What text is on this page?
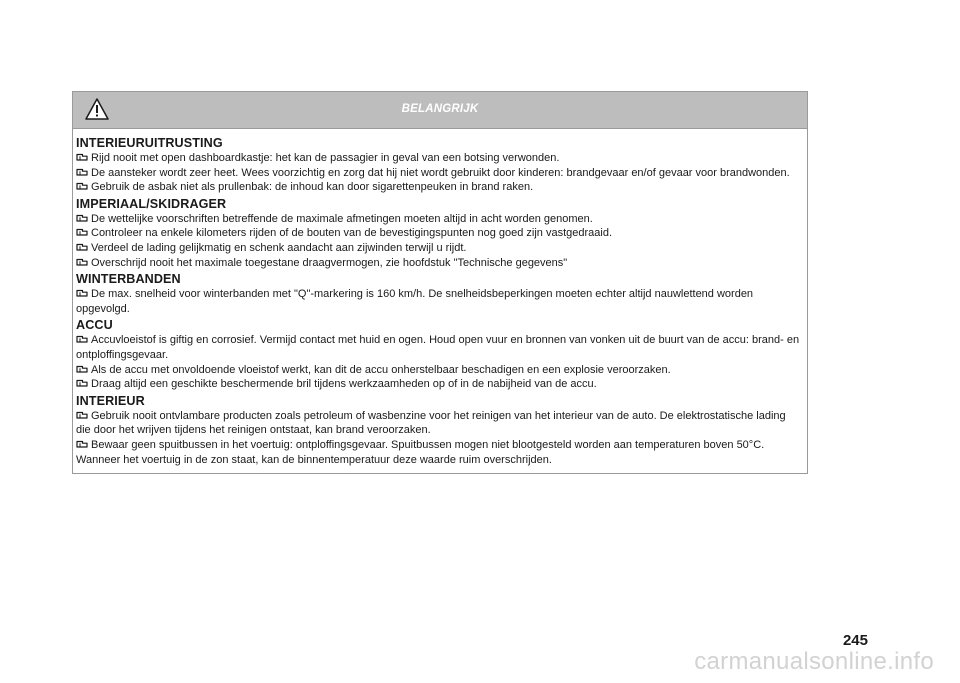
BELANGRIJK
INTERIEURUITRUSTING
Rijd nooit met open dashboardkastje: het kan de passagier in geval van een botsing verwonden.
De aansteker wordt zeer heet. Wees voorzichtig en zorg dat hij niet wordt gebruikt door kinderen: brandgevaar en/of gevaar voor brandwonden.
Gebruik de asbak niet als prullenbak: de inhoud kan door sigarettenpeuken in brand raken.
IMPERIAAL/SKIDRAGER
De wettelijke voorschriften betreffende de maximale afmetingen moeten altijd in acht worden genomen.
Controleer na enkele kilometers rijden of de bouten van de bevestigingspunten nog goed zijn vastgedraaid.
Verdeel de lading gelijkmatig en schenk aandacht aan zijwinden terwijl u rijdt.
Overschrijd nooit het maximale toegestane draagvermogen, zie hoofdstuk "Technische gegevens"
WINTERBANDEN
De max. snelheid voor winterbanden met "Q"-markering is 160 km/h. De snelheidsbeperkingen moeten echter altijd nauwlettend worden opgevolgd.
ACCU
Accuvloeistof is giftig en corrosief. Vermijd contact met huid en ogen. Houd open vuur en bronnen van vonken uit de buurt van de accu: brand- en ontploffingsgevaar.
Als de accu met onvoldoende vloeistof werkt, kan dit de accu onherstelbaar beschadigen en een explosie veroorzaken.
Draag altijd een geschikte beschermende bril tijdens werkzaamheden op of in de nabijheid van de accu.
INTERIEUR
Gebruik nooit ontvlambare producten zoals petroleum of wasbenzine voor het reinigen van het interieur van de auto. De elektrostatische lading die door het wrijven tijdens het reinigen ontstaat, kan brand veroorzaken.
Bewaar geen spuitbussen in het voertuig: ontploffingsgevaar. Spuitbussen mogen niet blootgesteld worden aan temperaturen boven 50°C. Wanneer het voertuig in de zon staat, kan de binnentemperatuur deze waarde ruim overschrijden.
245
carmanualsonline.info
